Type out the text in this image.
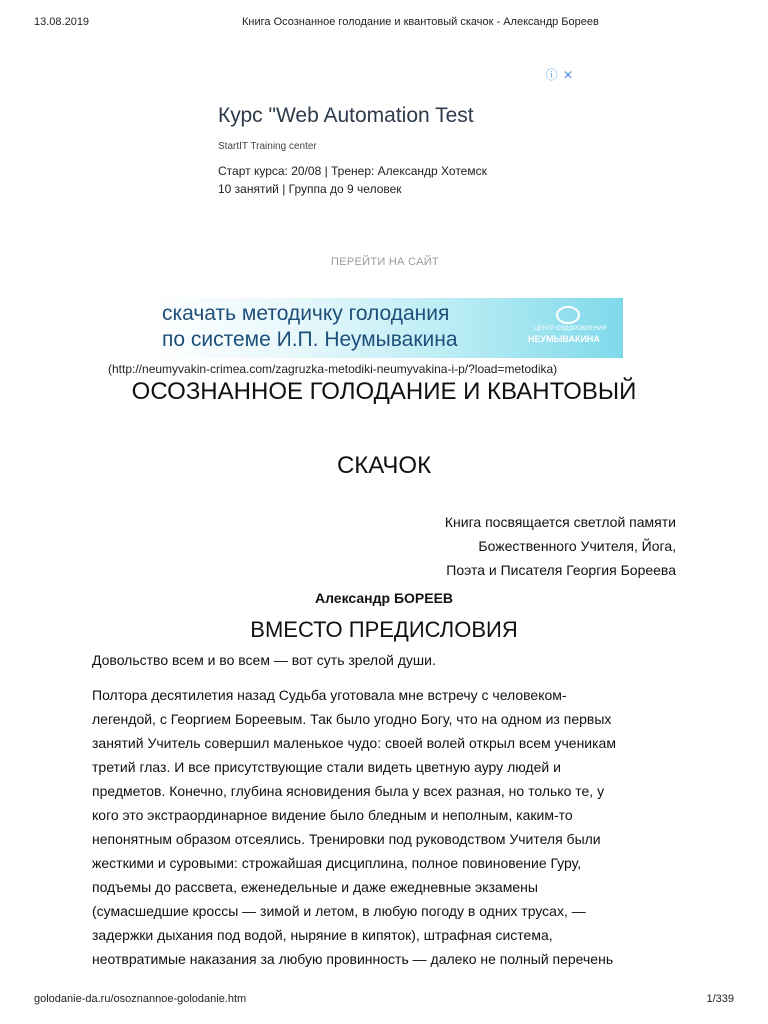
13.08.2019	Книга Осознанное голодание и квантовый скачок - Александр Бореев
ⓘ ✕
Курс "Web Automation Test
StartIT Training center
Старт курса: 20/08 | Тренер: Александр Хотемск
10 занятий | Группа до 9 человек
ПЕРЕЙТИ НА САЙТ
скачать методичку голодания
по системе И.П. Неумывакина	ЦЕНТР ОЗДОРОВЛЕНИЯ
НЕУМЫВАКИНА
(http://neumyvakin-crimea.com/zagruzka-metodiki-neumyvakina-i-p/?load=metodika)
ОСОЗНАННОЕ ГОЛОДАНИЕ И КВАНТОВЫЙ
СКАЧОК
Книга посвящается светлой памяти
Божественного Учителя, Йога,
Поэта и Писателя Георгия Бореева
Александр БОРЕЕВ
ВМЕСТО ПРЕДИСЛОВИЯ
Довольство всем и во всем — вот суть зрелой души.
Полтора десятилетия назад Судьба уготовала мне встречу с человеком-
легендой, с Георгием Бореевым. Так было угодно Богу, что на одном из первых
занятий Учитель совершил маленькое чудо: своей волей открыл всем ученикам
третий глаз. И все присутствующие стали видеть цветную ауру людей и
предметов. Конечно, глубина ясновидения была у всех разная, но только те, у
кого это экстраординарное видение было бледным и неполным, каким-то
непонятным образом отсеялись. Тренировки под руководством Учителя были
жесткими и суровыми: строжайшая дисциплина, полное повиновение Гуру,
подъемы до рассвета, еженедельные и даже ежедневные экзамены
(сумасшедшие кроссы — зимой и летом, в любую погоду в одних трусах, —
задержки дыхания под водой, ныряние в кипяток), штрафная система,
неотвратимые наказания за любую провинность — далеко не полный перечень
golodanie-da.ru/osoznannoe-golodanie.htm	1/339
